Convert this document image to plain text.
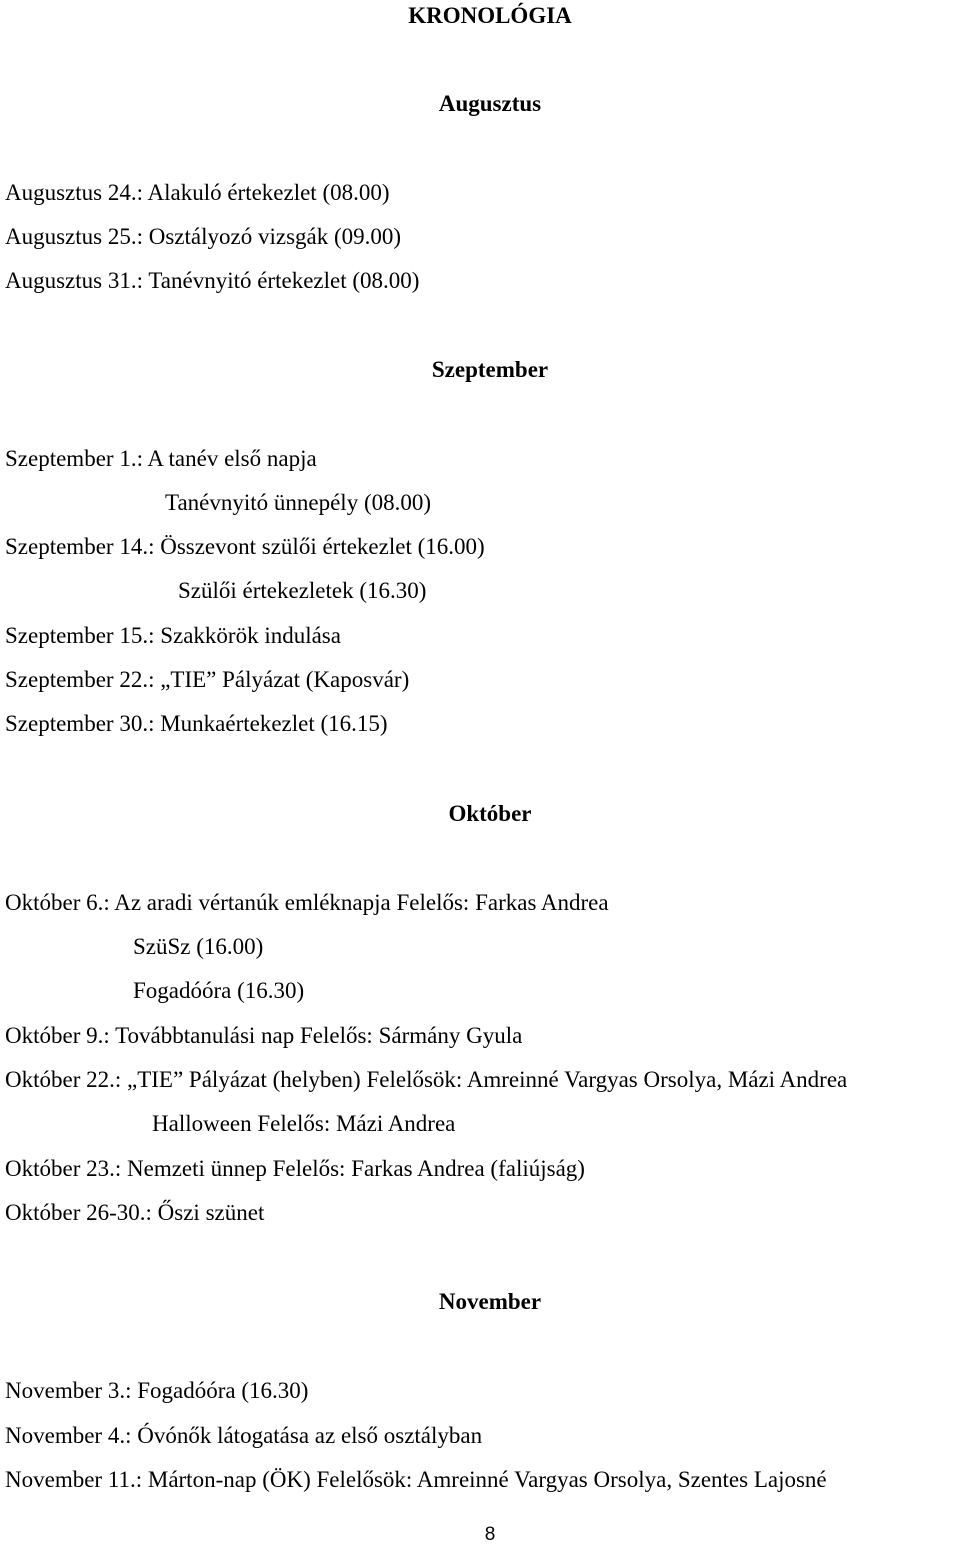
KRONOLÓGIA
Augusztus
Augusztus 24.: Alakuló értekezlet (08.00)
Augusztus 25.: Osztályozó vizsgák (09.00)
Augusztus 31.: Tanévnyitó értekezlet (08.00)
Szeptember
Szeptember 1.: A tanév első napja
Tanévnyitó ünnepély (08.00)
Szeptember 14.: Összevont szülői értekezlet (16.00)
Szülői értekezletek (16.30)
Szeptember 15.: Szakkörök indulása
Szeptember 22.: „TIE” Pályázat (Kaposvár)
Szeptember 30.: Munkaértekezlet (16.15)
Október
Október 6.: Az aradi vértanúk emléknapja Felelős: Farkas Andrea
SzüSz (16.00)
Fogadóóra (16.30)
Október 9.: Továbbtanulási nap Felelős: Sármány Gyula
Október 22.: „TIE” Pályázat (helyben) Felelősök: Amreinné Vargyas Orsolya, Mázi Andrea
Halloween Felelős: Mázi Andrea
Október 23.: Nemzeti ünnep Felelős: Farkas Andrea (faliújság)
Október 26-30.: Őszi szünet
November
November 3.: Fogadóóra (16.30)
November 4.: Óvónők látogatása az első osztályban
November 11.: Márton-nap (ÖK) Felelősök: Amreinné Vargyas Orsolya, Szentes Lajosné
8
